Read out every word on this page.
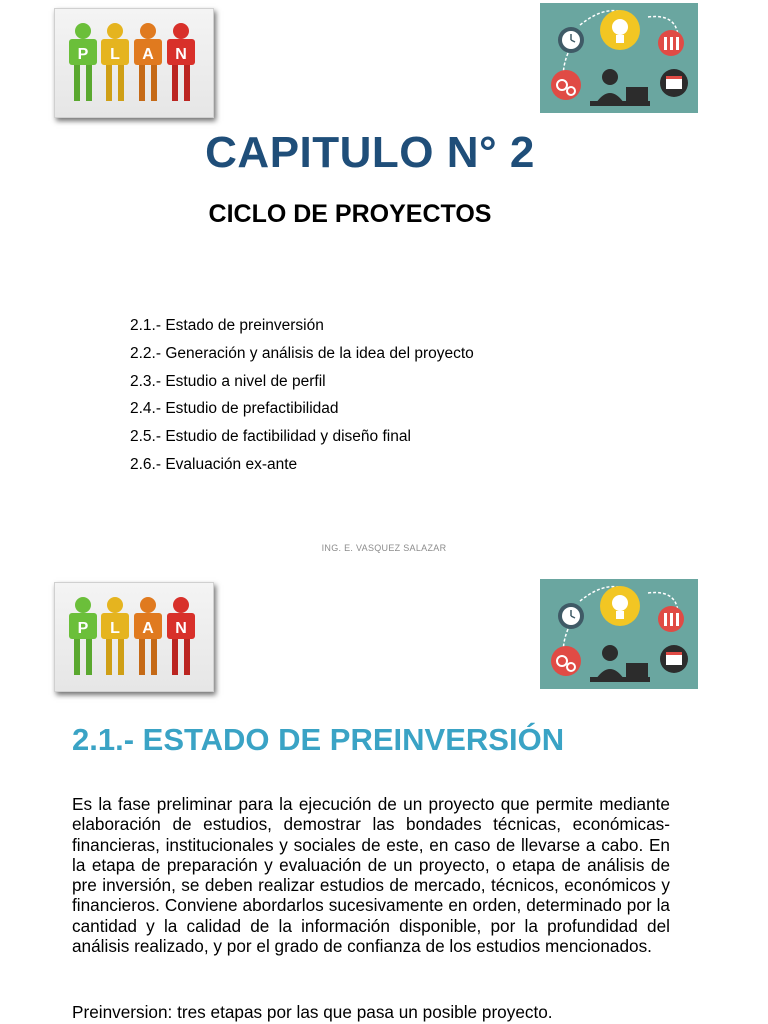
P L A N
CAPITULO N° 2
CICLO DE PROYECTOS
2.1.- Estado de preinversión
2.2.- Generación y análisis de la idea del proyecto
2.3.- Estudio a nivel de perfil
2.4.- Estudio de prefactibilidad
2.5.- Estudio de factibilidad y diseño final
2.6.- Evaluación ex-ante
ING. E. VASQUEZ SALAZAR
P L A N
2.1.- ESTADO DE PREINVERSIÓN

Es la fase preliminar para la ejecución de un proyecto que permite mediante elaboración de estudios, demostrar las bondades técnicas, económicas-financieras, institucionales y sociales de este, en caso de llevarse a cabo. En la etapa de preparación y evaluación de un proyecto, o etapa de análisis de pre inversión, se deben realizar estudios de mercado, técnicos, económicos y financieros. Conviene abordarlos sucesivamente en orden, determinado por la cantidad y la calidad de la información disponible, por la profundidad del análisis realizado, y por el grado de confianza de los estudios mencionados.

Preinversion: tres etapas por las que pasa un posible proyecto.
